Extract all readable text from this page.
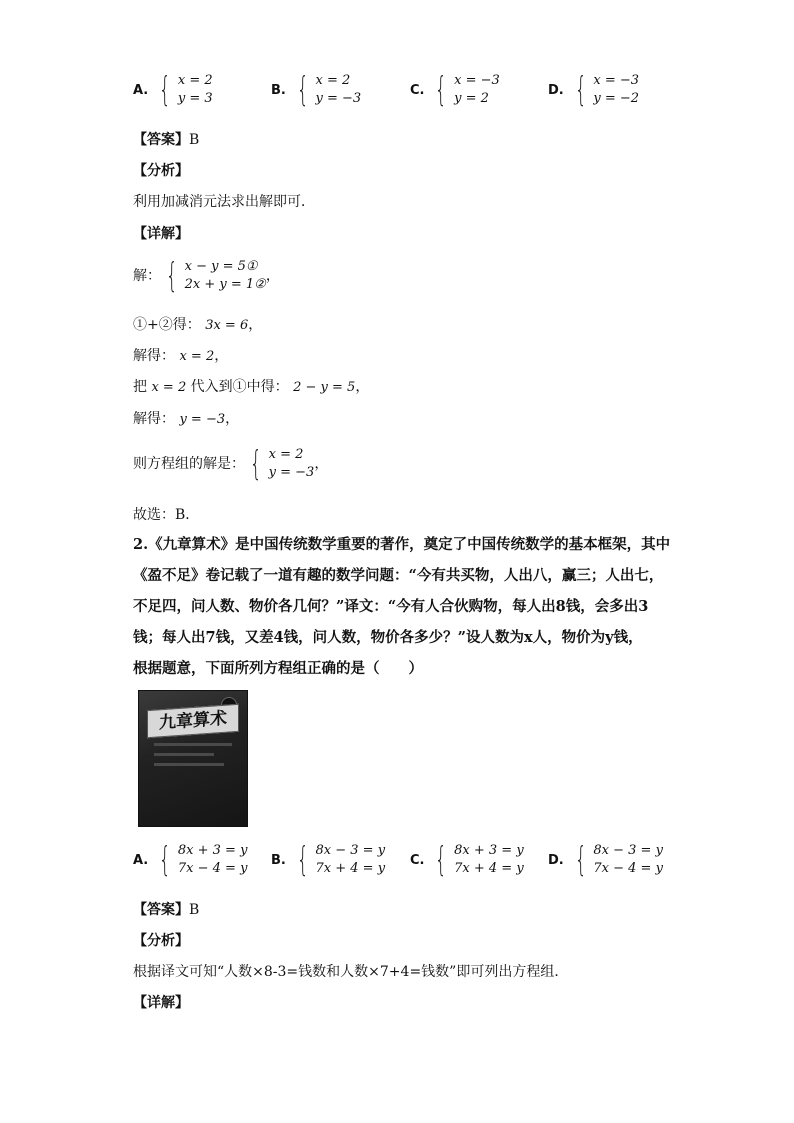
A. { x = 2
y = 3
B. { x = 2
y = −3
C. { x = −3
y = 2
D. { x = −3
y = −2
【答案】B
【分析】
利用加减消元法求出解即可．
【详解】
解： { x − y = 5①
2x + y = 1②
，
①+②得： 3x = 6，
解得： x = 2，
把 x = 2 代入到①中得： 2 − y = 5，
解得： y = −3，
则方程组的解是： { x = 2
y = −3
，
故选：B．
2.《九章算术》是中国传统数学重要的著作，奠定了中国传统数学的基本框架，其中
《盈不足》卷记载了一道有趣的数学问题：“今有共买物，人出八，赢三；人出七，
不足四，问人数、物价各几何？”译文：“今有人合伙购物，每人出8钱，会多出3
钱；每人出7钱，又差4钱，问人数，物价各多少？”设人数为x人，物价为y钱，
根据题意，下面所列方程组正确的是（　　）
九章算术
A. { 8x + 3 = y
7x − 4 = y
B. { 8x − 3 = y
7x + 4 = y
C. { 8x + 3 = y
7x + 4 = y
D. { 8x − 3 = y
7x − 4 = y
【答案】B
【分析】
根据译文可知“人数×8-3=钱数和人数×7+4=钱数”即可列出方程组．
【详解】
